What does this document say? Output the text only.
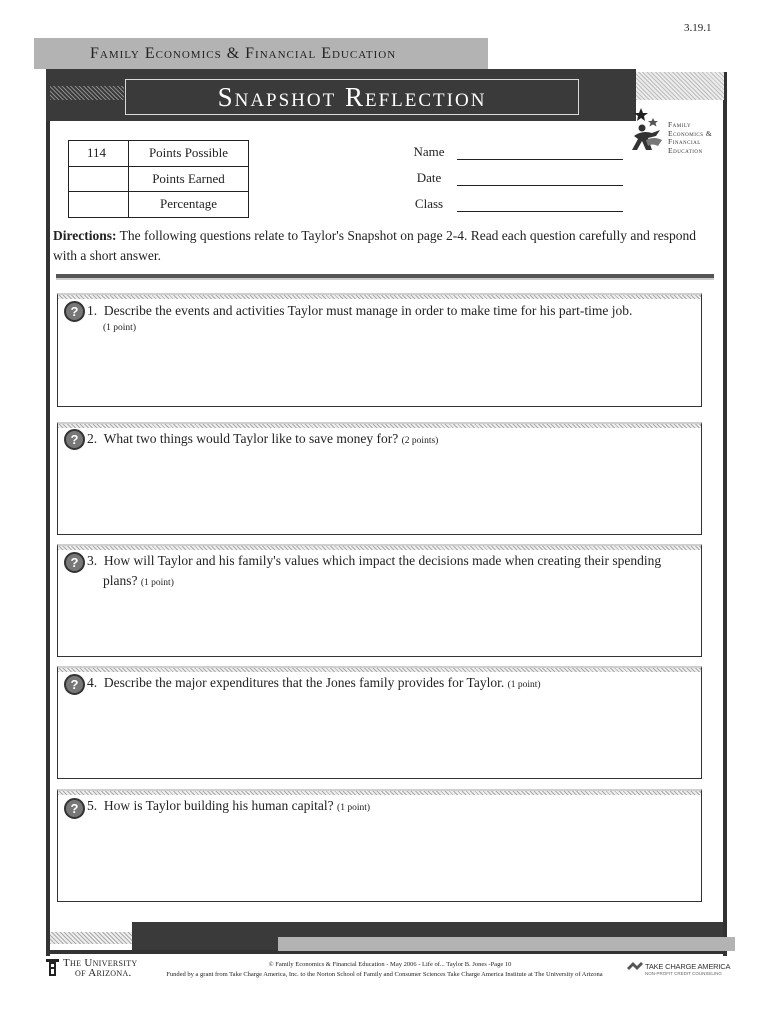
3.19.1
Family Economics & Financial Education
Snapshot Reflection
Family
Economics &
Financial
Education
114	Points Possible
	Points Earned
	Percentage
Name
Date
Class
Directions: The following questions relate to Taylor's Snapshot on page 2-4. Read each question carefully and respond with a short answer.
? 1. Describe the events and activities Taylor must manage in order to make time for his part-time job.
(1 point)
? 2. What two things would Taylor like to save money for? (2 points)
? 3. How will Taylor and his family's values which impact the decisions made when creating their spending plans? (1 point)
? 4. Describe the major expenditures that the Jones family provides for Taylor. (1 point)
? 5. How is Taylor building his human capital? (1 point)
The University
of Arizona.
© Family Economics & Financial Education - May 2006 - Life of... Taylor B. Jones -Page 10
Funded by a grant from Take Charge America, Inc. to the Norton School of Family and Consumer Sciences Take Charge America Institute at The University of Arizona
TAKE CHARGE AMERICA
NON-PROFIT CREDIT COUNSELING
